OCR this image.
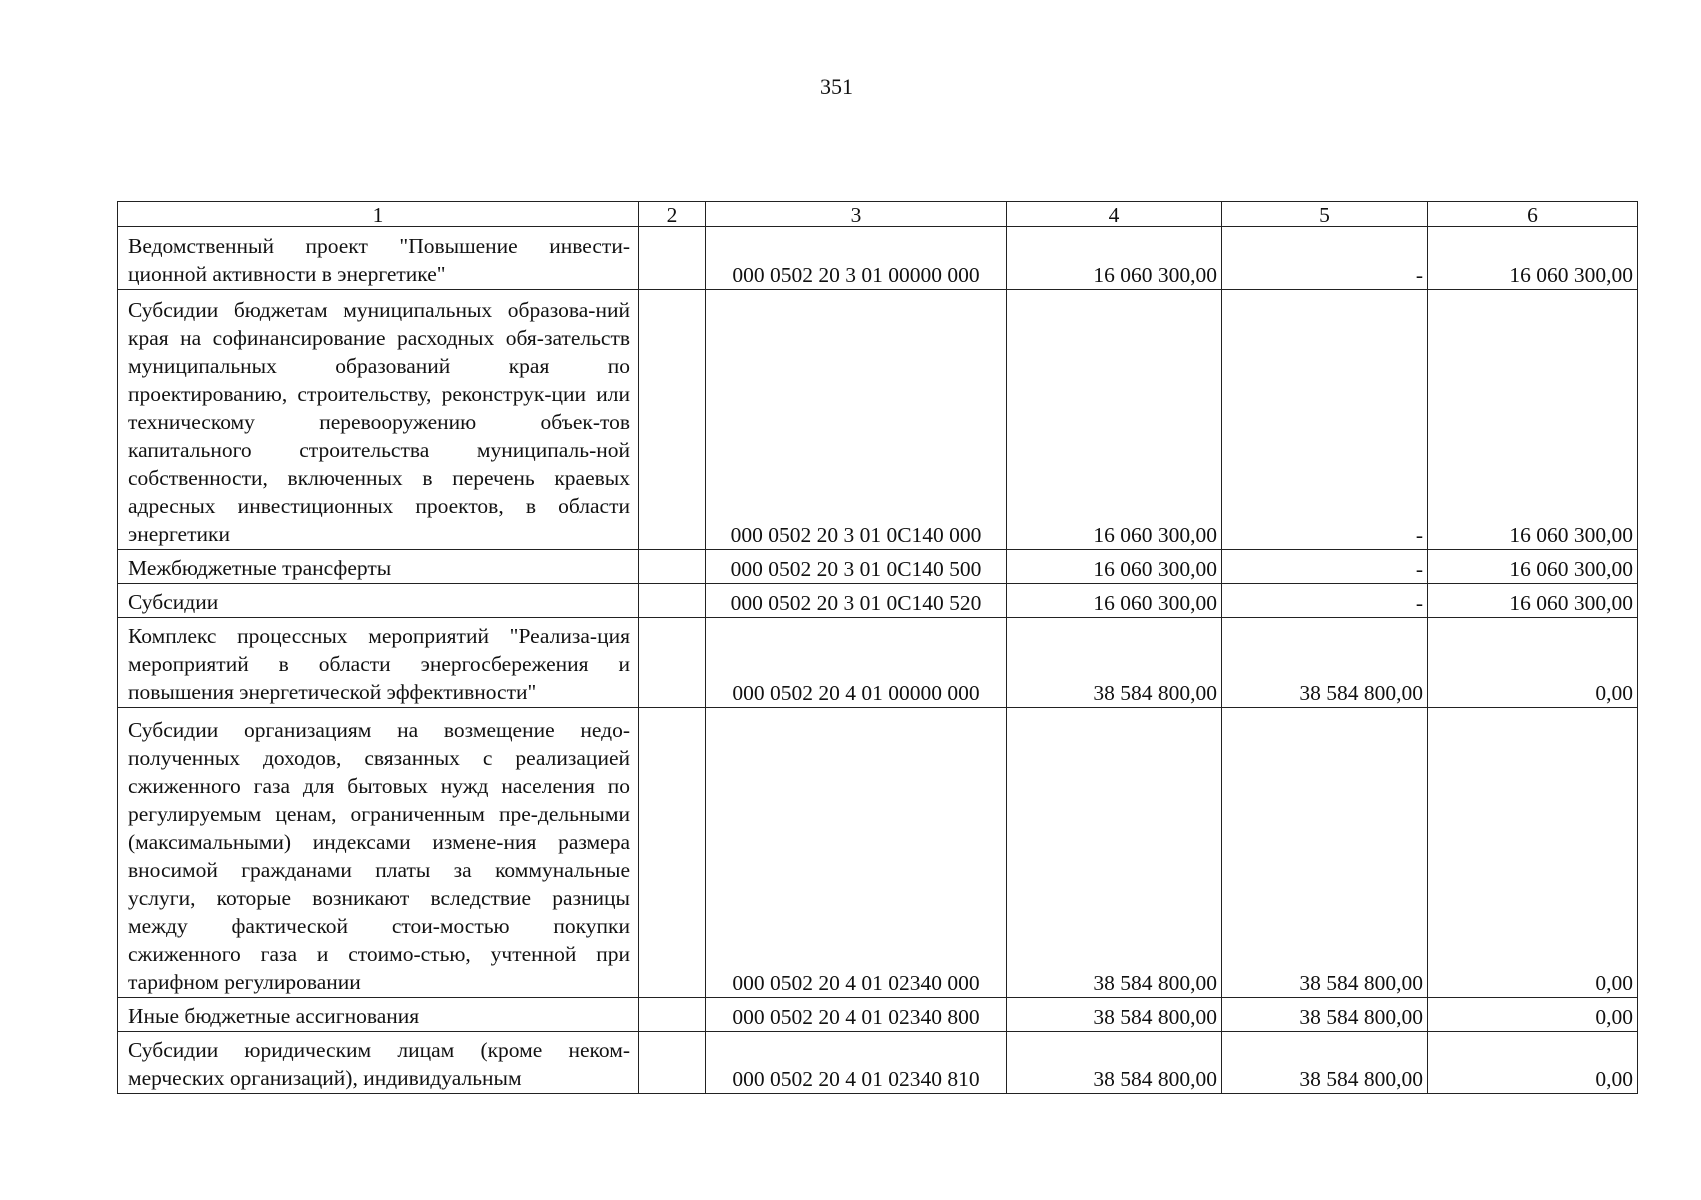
351
1	2	3	4	5	6
Ведомственный проект "Повышение инвести-ционной активности в энергетике"		000 0502 20 3 01 00000 000	16 060 300,00	-	16 060 300,00
Субсидии бюджетам муниципальных образова-ний края на софинансирование расходных обя-зательств муниципальных образований края по проектированию, строительству, реконструк-ции или техническому перевооружению объек-тов капитального строительства муниципаль-ной собственности, включенных в перечень краевых адресных инвестиционных проектов, в области энергетики		000 0502 20 3 01 0С140 000	16 060 300,00	-	16 060 300,00
Межбюджетные трансферты		000 0502 20 3 01 0С140 500	16 060 300,00	-	16 060 300,00
Субсидии		000 0502 20 3 01 0С140 520	16 060 300,00	-	16 060 300,00
Комплекс процессных мероприятий "Реализа-ция мероприятий в области энергосбережения и повышения энергетической эффективности"		000 0502 20 4 01 00000 000	38 584 800,00	38 584 800,00	0,00
Субсидии организациям на возмещение недо-полученных доходов, связанных с реализацией сжиженного газа для бытовых нужд населения по регулируемым ценам, ограниченным пре-дельными (максимальными) индексами измене-ния размера вносимой гражданами платы за коммунальные услуги, которые возникают вследствие разницы между фактической стои-мостью покупки сжиженного газа и стоимо-стью, учтенной при тарифном регулировании		000 0502 20 4 01 02340 000	38 584 800,00	38 584 800,00	0,00
Иные бюджетные ассигнования		000 0502 20 4 01 02340 800	38 584 800,00	38 584 800,00	0,00
Субсидии юридическим лицам (кроме неком-мерческих организаций), индивидуальным		000 0502 20 4 01 02340 810	38 584 800,00	38 584 800,00	0,00
